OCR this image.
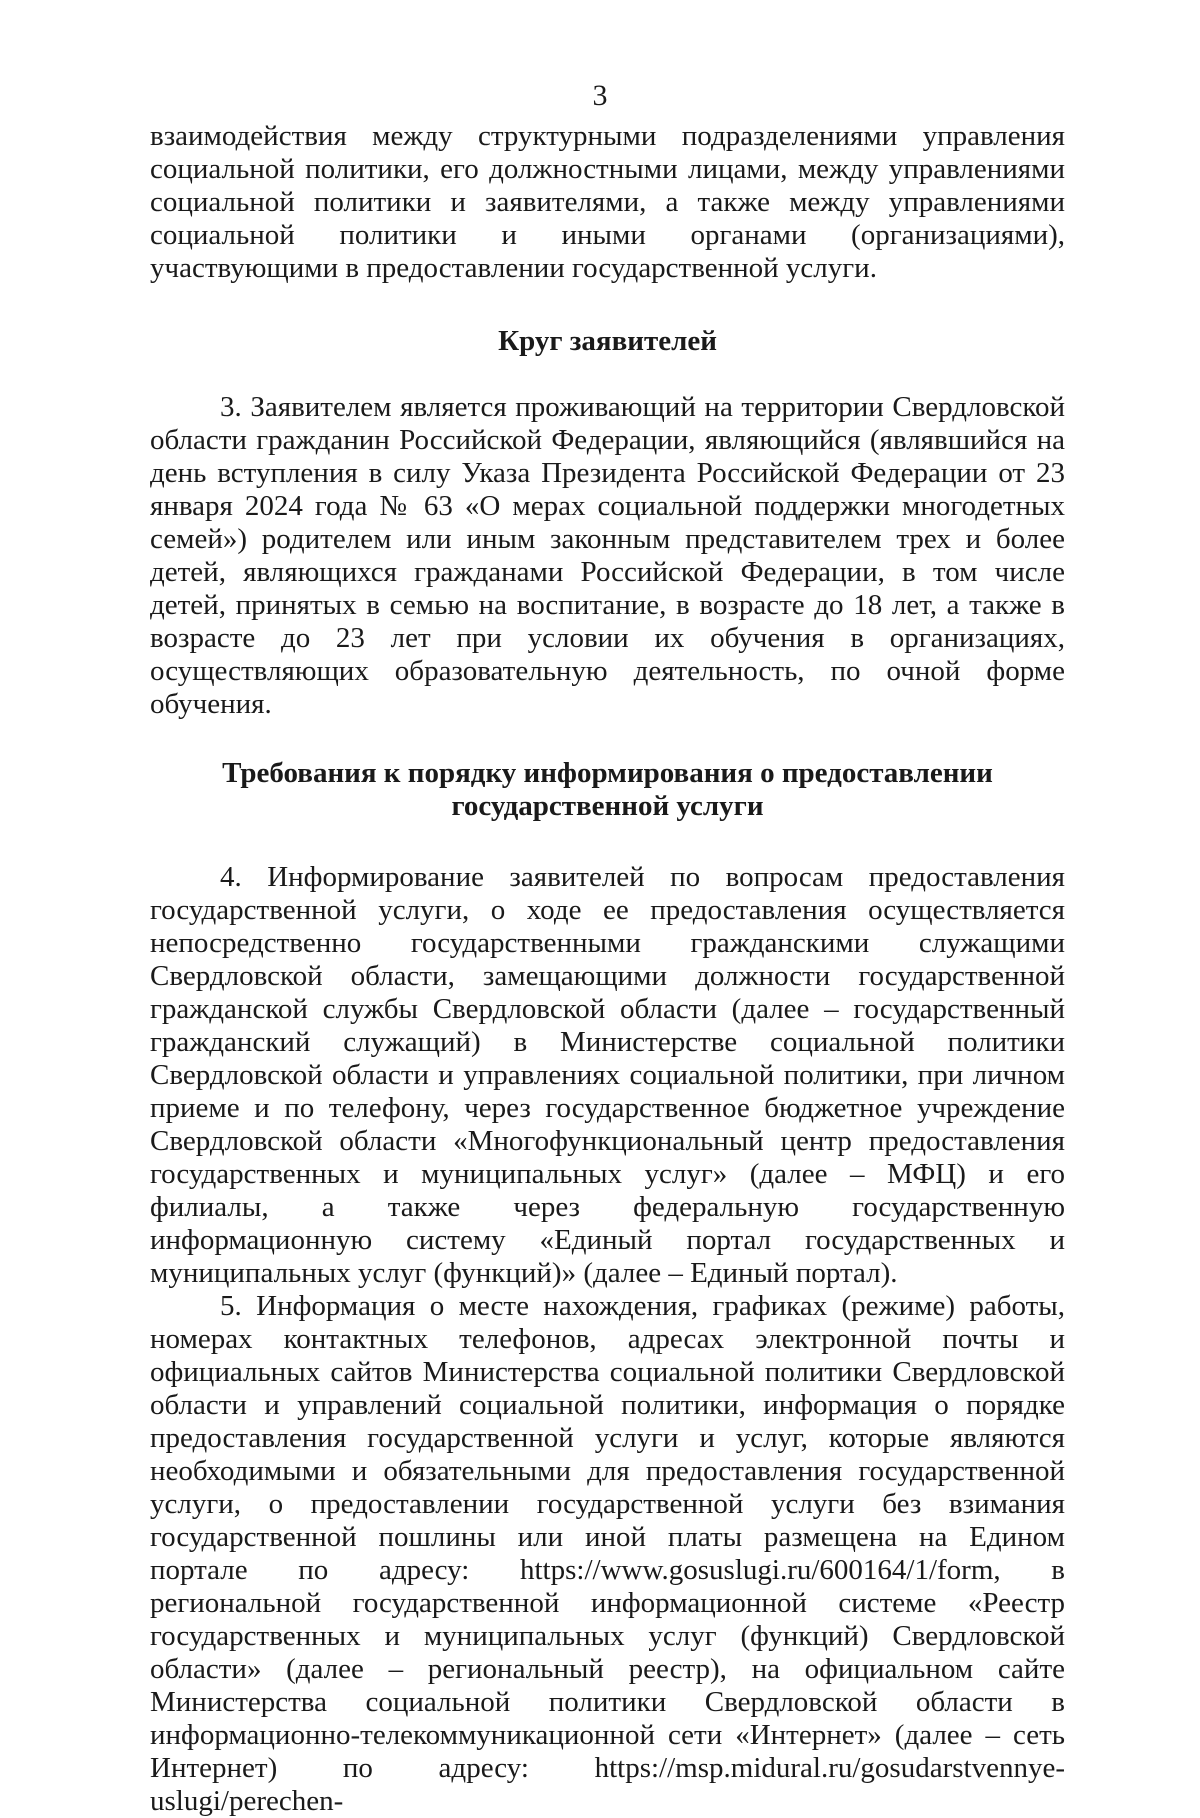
3

взаимодействия между структурными подразделениями управления социальной политики, его должностными лицами, между управлениями социальной политики и заявителями, а также между управлениями социальной политики и иными органами (организациями), участвующими в предоставлении государственной услуги.

Круг заявителей

3. Заявителем является проживающий на территории Свердловской области гражданин Российской Федерации, являющийся (являвшийся на день вступления в силу Указа Президента Российской Федерации от 23 января 2024 года № 63 «О мерах социальной поддержки многодетных семей») родителем или иным законным представителем трех и более детей, являющихся гражданами Российской Федерации, в том числе детей, принятых в семью на воспитание, в возрасте до 18 лет, а также в возрасте до 23 лет при условии их обучения в организациях, осуществляющих образовательную деятельность, по очной форме обучения.

Требования к порядку информирования о предоставлении
государственной услуги

4. Информирование заявителей по вопросам предоставления государственной услуги, о ходе ее предоставления осуществляется непосредственно государственными гражданскими служащими Свердловской области, замещающими должности государственной гражданской службы Свердловской области (далее – государственный гражданский служащий) в Министерстве социальной политики Свердловской области и управлениях социальной политики, при личном приеме и по телефону, через государственное бюджетное учреждение Свердловской области «Многофункциональный центр предоставления государственных и муниципальных услуг» (далее – МФЦ) и его филиалы, а также через федеральную государственную информационную систему «Единый портал государственных и муниципальных услуг (функций)» (далее – Единый портал).

5. Информация о месте нахождения, графиках (режиме) работы, номерах контактных телефонов, адресах электронной почты и официальных сайтов Министерства социальной политики Свердловской области и управлений социальной политики, информация о порядке предоставления государственной услуги и услуг, которые являются необходимыми и обязательными для предоставления государственной услуги, о предоставлении государственной услуги без взимания государственной пошлины или иной платы размещена на Едином портале по адресу: https://www.gosuslugi.ru/600164/1/form, в региональной государственной информационной системе «Реестр государственных и муниципальных услуг (функций) Свердловской области» (далее – региональный реестр), на официальном сайте Министерства социальной политики Свердловской области в информационно-телекоммуникационной сети «Интернет» (далее – сеть Интернет) по адресу: https://msp.midural.ru/gosudarstvennye-uslugi/perechen-
